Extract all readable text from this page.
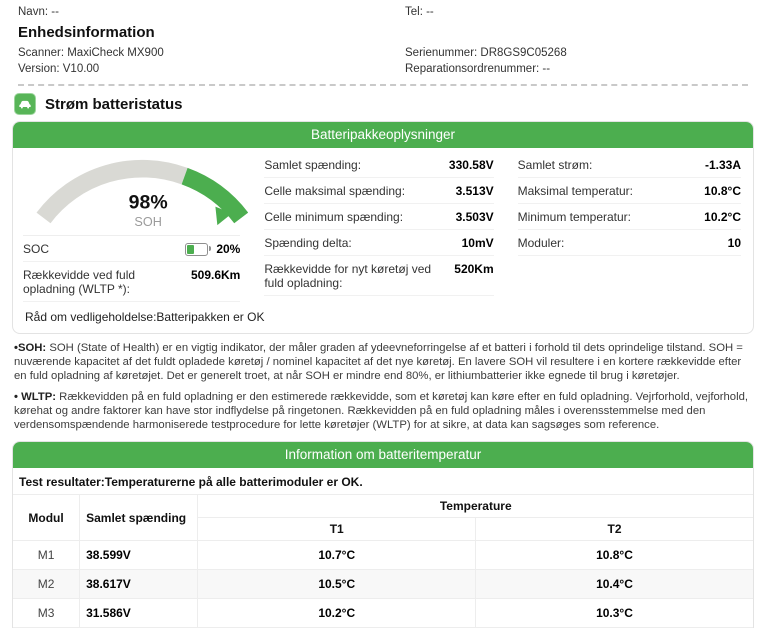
Navn: --
Enhedsinformation
Scanner: MaxiCheck MX900
Version: V10.00
Tel: --
Serienummer: DR8GS9C05268
Reparationsordrenummer: --
Strøm batteristatus
Batteripakkeoplysninger
98%
SOH
SOC	20%
Rækkevidde ved fuld opladning (WLTP *):
509.6Km
Samlet spænding:	330.58V
Celle maksimal spænding:	3.513V
Celle minimum spænding:	3.503V
Spænding delta:	10mV
Rækkevidde for nyt køretøj ved fuld opladning:
520Km
Samlet strøm:	-1.33A
Maksimal temperatur:	10.8°C
Minimum temperatur:	10.2°C
Moduler:	10
Råd om vedligeholdelse:Batteripakken er OK

•SOH: SOH (State of Health) er en vigtig indikator, der måler graden af ydeevneforringelse af et batteri i forhold til dets oprindelige tilstand. SOH = nuværende kapacitet af det fuldt opladede køretøj / nominel kapacitet af det nye køretøj. En lavere SOH vil resultere i en kortere rækkevidde efter en fuld opladning af køretøjet. Det er generelt troet, at når SOH er mindre end 80%, er lithiumbatterier ikke egnede til brug i køretøjer.

• WLTP: Rækkevidden på en fuld opladning er den estimerede rækkevidde, som et køretøj kan køre efter en fuld opladning. Vejrforhold, vejforhold, kørehat og andre faktorer kan have stor indflydelse på ringetonen. Rækkevidden på en fuld opladning måles i overensstemmelse med den verdensomspændende harmoniserede testprocedure for lette køretøjer (WLTP) for at sikre, at data kan sagsøges som reference.

Information om batteritemperatur
Test resultater:Temperaturerne på alle batterimoduler er OK.
Modul	Samlet spænding	Temperature	
		T1	T2
M1	38.599V	10.7°C	10.8°C
M2	38.617V	10.5°C	10.4°C
M3	31.586V	10.2°C	10.3°C
